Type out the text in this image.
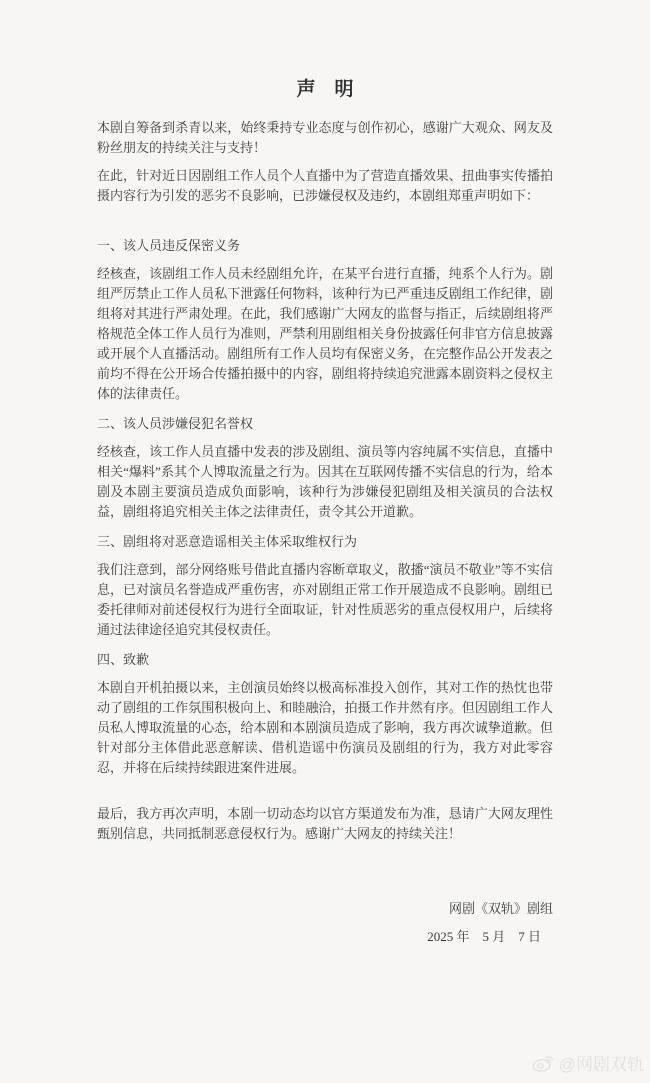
声　明

本剧自筹备到杀青以来，始终秉持专业态度与创作初心，感谢广大观众、网友及粉丝朋友的持续关注与支持！

在此，针对近日因剧组工作人员个人直播中为了营造直播效果、扭曲事实传播拍摄内容行为引发的恶劣不良影响，已涉嫌侵权及违约，本剧组郑重声明如下：

一、该人员违反保密义务

经核查，该剧组工作人员未经剧组允许，在某平台进行直播，纯系个人行为。剧组严厉禁止工作人员私下泄露任何物料，该种行为已严重违反剧组工作纪律，剧组将对其进行严肃处理。在此，我们感谢广大网友的监督与指正，后续剧组将严格规范全体工作人员行为准则，严禁利用剧组相关身份披露任何非官方信息披露或开展个人直播活动。剧组所有工作人员均有保密义务，在完整作品公开发表之前均不得在公开场合传播拍摄中的内容，剧组将持续追究泄露本剧资料之侵权主体的法律责任。

二、该人员涉嫌侵犯名誉权

经核查，该工作人员直播中发表的涉及剧组、演员等内容纯属不实信息，直播中相关“爆料”系其个人博取流量之行为。因其在互联网传播不实信息的行为，给本剧及本剧主要演员造成负面影响，该种行为涉嫌侵犯剧组及相关演员的合法权益，剧组将追究相关主体之法律责任，责令其公开道歉。

三、剧组将对恶意造谣相关主体采取维权行为

我们注意到，部分网络账号借此直播内容断章取义，散播“演员不敬业”等不实信息，已对演员名誉造成严重伤害，亦对剧组正常工作开展造成不良影响。剧组已委托律师对前述侵权行为进行全面取证，针对性质恶劣的重点侵权用户，后续将通过法律途径追究其侵权责任。

四、致歉

本剧自开机拍摄以来，主创演员始终以极高标准投入创作，其对工作的热忱也带动了剧组的工作氛围积极向上、和睦融洽，拍摄工作井然有序。但因剧组工作人员私人博取流量的心态，给本剧和本剧演员造成了影响，我方再次诚挚道歉。但针对部分主体借此恶意解读、借机造谣中伤演员及剧组的行为，我方对此零容忍，并将在后续持续跟进案件进展。

最后，我方再次声明，本剧一切动态均以官方渠道发布为准，恳请广大网友理性甄别信息，共同抵制恶意侵权行为。感谢广大网友的持续关注！

网剧《双轨》剧组

2025 年　5 月　7 日

@网剧双轨
